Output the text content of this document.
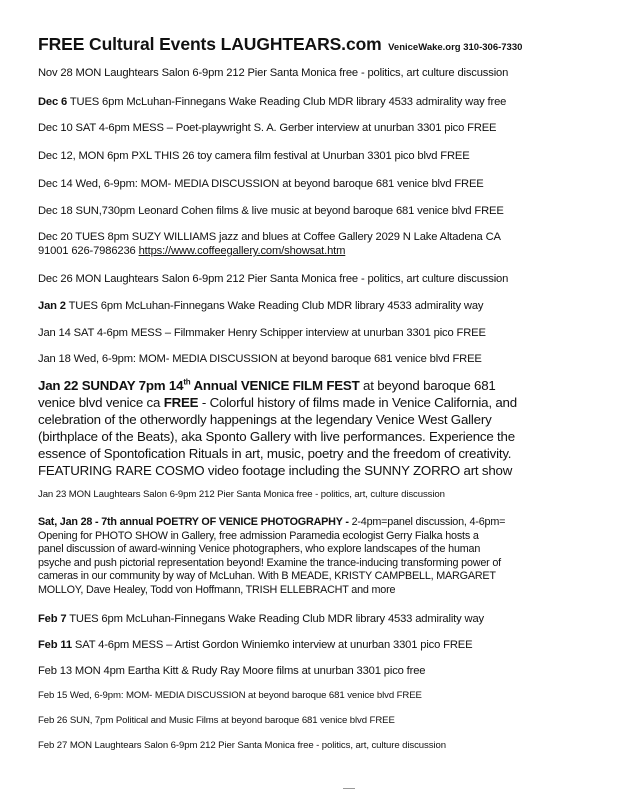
FREE Cultural Events LAUGHTEARS.com VeniceWake.org 310-306-7330
Nov 28 MON Laughtears Salon 6-9pm 212 Pier Santa Monica free - politics, art culture discussion
Dec 6 TUES 6pm McLuhan-Finnegans Wake Reading Club MDR library 4533 admirality way free
Dec 10 SAT 4-6pm MESS – Poet-playwright S. A. Gerber interview at unurban 3301 pico FREE
Dec 12, MON 6pm PXL THIS 26 toy camera film festival at Unurban 3301 pico blvd FREE
Dec 14 Wed, 6-9pm: MOM- MEDIA DISCUSSION at beyond baroque 681 venice blvd FREE
Dec 18 SUN,730pm Leonard Cohen films & live music at beyond baroque 681 venice blvd FREE
Dec 20 TUES 8pm SUZY WILLIAMS jazz and blues at Coffee Gallery 2029 N Lake Altadena CA
91001 626-7986236 https://www.coffeegallery.com/showsat.htm
Dec 26 MON Laughtears Salon 6-9pm 212 Pier Santa Monica free - politics, art culture discussion
Jan 2 TUES 6pm McLuhan-Finnegans Wake Reading Club MDR library 4533 admirality way
Jan 14 SAT 4-6pm MESS – Filmmaker Henry Schipper interview at unurban 3301 pico FREE
Jan 18 Wed, 6-9pm: MOM- MEDIA DISCUSSION at beyond baroque 681 venice blvd FREE
Jan 22 SUNDAY 7pm 14th Annual VENICE FILM FEST at beyond baroque 681
venice blvd venice ca FREE - Colorful history of films made in Venice California, and
celebration of the otherwordly happenings at the legendary Venice West Gallery
(birthplace of the Beats), aka Sponto Gallery with live performances. Experience the
essence of Spontofication Rituals in art, music, poetry and the freedom of creativity.
FEATURING RARE COSMO video footage including the SUNNY ZORRO art show
Jan 23 MON Laughtears Salon 6-9pm 212 Pier Santa Monica free - politics, art, culture discussion
Sat, Jan 28 - 7th annual POETRY OF VENICE PHOTOGRAPHY - 2-4pm=panel discussion, 4-6pm=
Opening for PHOTO SHOW in Gallery, free admission Paramedia ecologist Gerry Fialka hosts a
panel discussion of award-winning Venice photographers, who explore landscapes of the human
psyche and push pictorial representation beyond! Examine the trance-inducing transforming power of
cameras in our community by way of McLuhan. With B MEADE, KRISTY CAMPBELL, MARGARET
MOLLOY, Dave Healey, Todd von Hoffmann, TRISH ELLEBRACHT and more
Feb 7 TUES 6pm McLuhan-Finnegans Wake Reading Club MDR library 4533 admirality way
Feb 11 SAT 4-6pm MESS – Artist Gordon Winiemko interview at unurban 3301 pico FREE
Feb 13 MON 4pm Eartha Kitt & Rudy Ray Moore films at unurban 3301 pico free
Feb 15 Wed, 6-9pm: MOM- MEDIA DISCUSSION at beyond baroque 681 venice blvd FREE
Feb 26 SUN, 7pm Political and Music Films at beyond baroque 681 venice blvd FREE
Feb 27 MON Laughtears Salon 6-9pm 212 Pier Santa Monica free - politics, art, culture discussion
